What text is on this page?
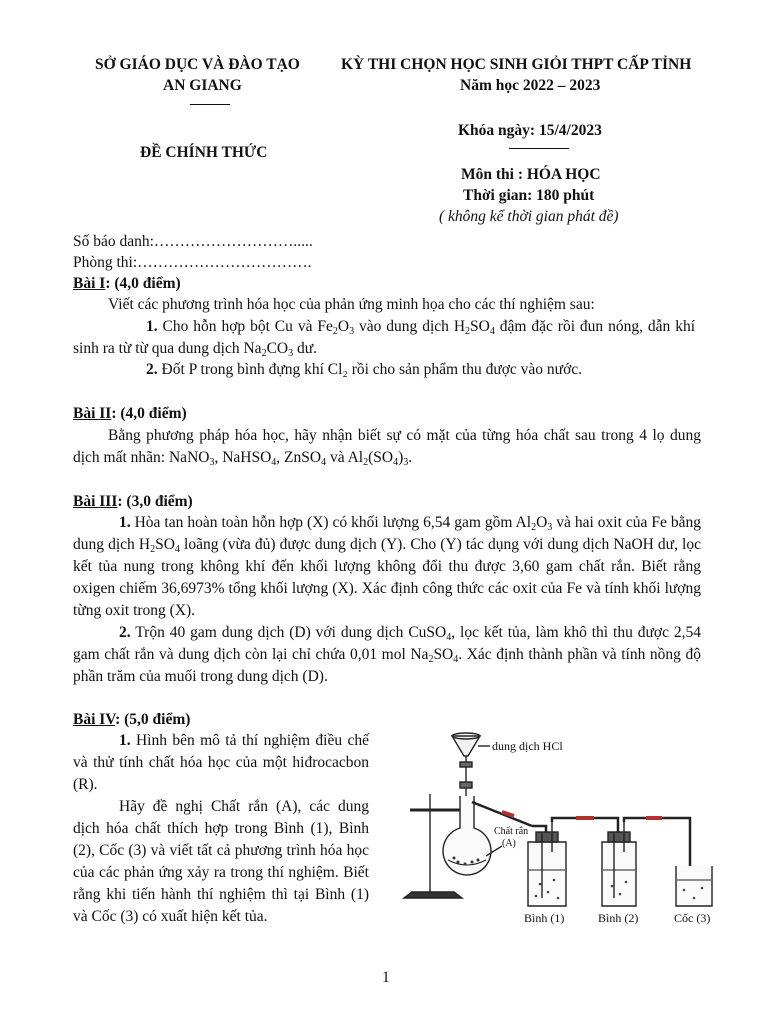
SỞ GIÁO DỤC VÀ ĐÀO TẠO
AN GIANG
KỲ THI CHỌN HỌC SINH GIỎI THPT CẤP TỈNH
Năm học 2022 – 2023
ĐỀ CHÍNH THỨC
Khóa ngày: 15/4/2023
Môn thi : HÓA HỌC
Thời gian: 180 phút
( không kể thời gian phát đề)
Số báo danh:……………………….....
Phòng thi:…………………………….
Bài I: (4,0 điểm)
Viết các phương trình hóa học của phản ứng minh họa cho các thí nghiệm sau:
1. Cho hỗn hợp bột Cu và $Fe_2O_3$ vào dung dịch $H_2SO_4$ đậm đặc rồi đun nóng, dẫn khí sinh ra từ từ qua dung dịch $Na_2CO_3$ dư.
2. Đốt P trong bình đựng khí Cl₂ rồi cho sản phẩm thu được vào nước.
Bài II: (4,0 điểm)
Bằng phương pháp hóa học, hãy nhận biết sự có mặt của từng hóa chất sau trong 4 lọ dung dịch mất nhãn: NaNO$_3$, NaHSO$_4$, ZnSO$_4$ và $Al_2(SO_4)_3$.
Bài III: (3,0 điểm)
1. Hòa tan hoàn toàn hỗn hợp (X) có khối lượng 6,54 gam gồm $Al_2O_3$ và hai oxit của Fe bằng dung dịch $H_2SO_4$ loãng (vừa đủ) được dung dịch (Y). Cho (Y) tác dụng với dung dịch NaOH dư, lọc kết tủa nung trong không khí đến khối lượng không đổi thu được 3,60 gam chất rắn. Biết rằng oxigen chiếm 36,6973% tổng khối lượng (X). Xác định công thức các oxit của Fe và tính khối lượng từng oxit trong (X).
2. Trộn 40 gam dung dịch (D) với dung dịch CuSO$_4$, lọc kết tủa, làm khô thì thu được 2,54 gam chất rắn và dung dịch còn lại chỉ chứa 0,01 mol $Na_2SO_4$. Xác định thành phần và tính nồng độ phần trăm của muối trong dung dịch (D).
Bài IV: (5,0 điểm)
1. Hình bên mô tả thí nghiệm điều chế và thử tính chất hóa học của một hiđrocacbon (R).
Hãy đề nghị Chất rắn (A), các dung dịch hóa chất thích hợp trong Bình (1), Bình (2), Cốc (3) và viết tất cả phương trình hóa học của các phản ứng xảy ra trong thí nghiệm. Biết rằng khi tiến hành thí nghiệm thì tại Bình (1) và Cốc (3) có xuất hiện kết tủa.
dung dịch HCl
Chất rắn
(A)
Bình (1)	Bình (2)	Cốc (3)
1
